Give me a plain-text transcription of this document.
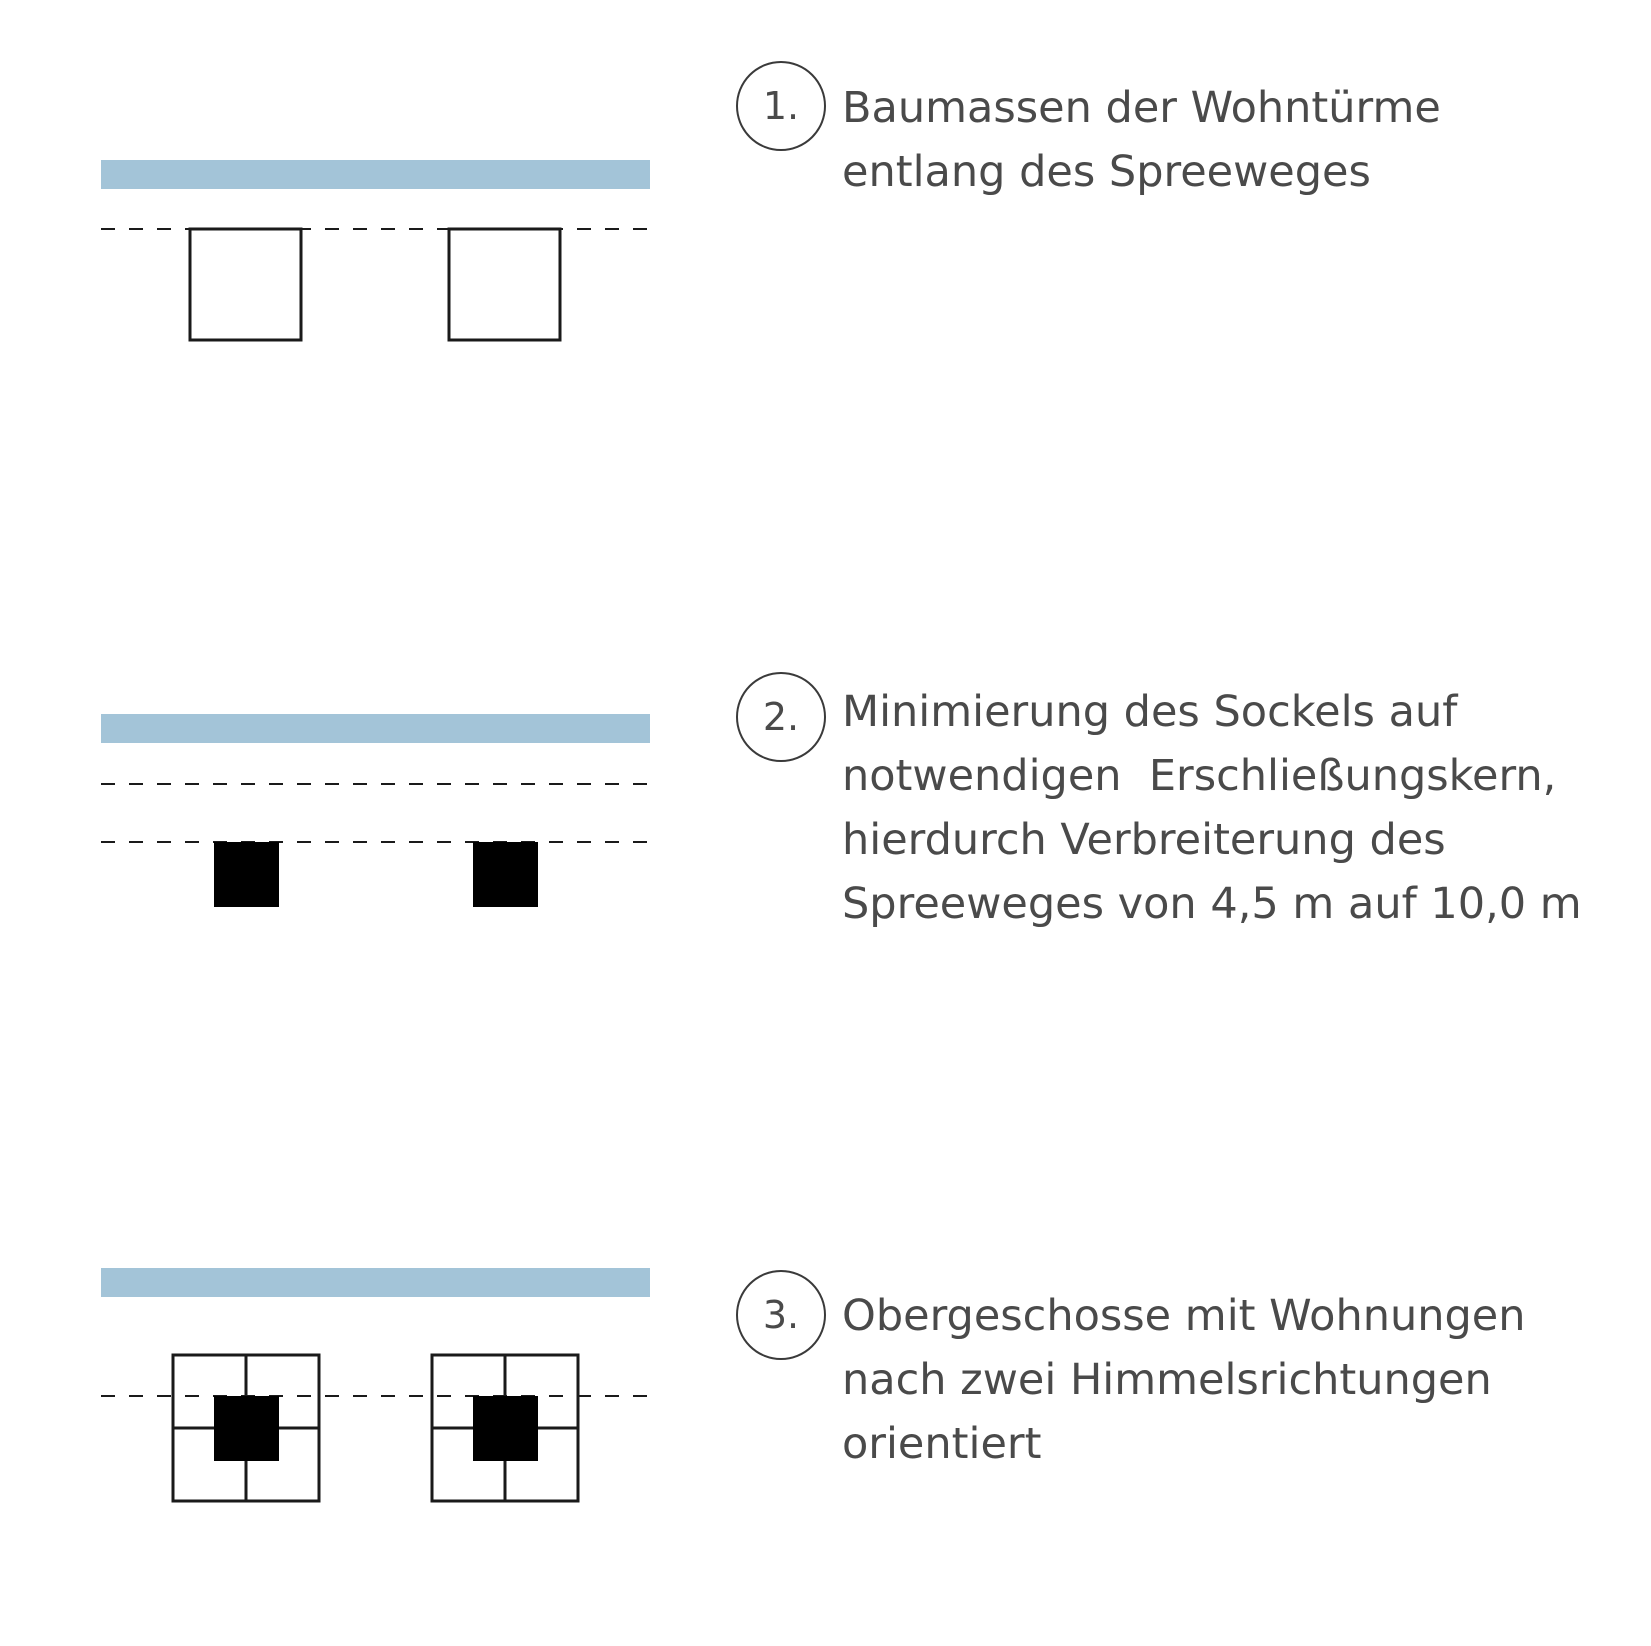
1. Baumassen der Wohntürme
entlang des Spreeweges
2. Minimierung des Sockels auf
notwendigen  Erschließungskern,
hierdurch Verbreiterung des
Spreeweges von 4,5 m auf 10,0 m
3. Obergeschosse mit Wohnungen
nach zwei Himmelsrichtungen
orientiert
